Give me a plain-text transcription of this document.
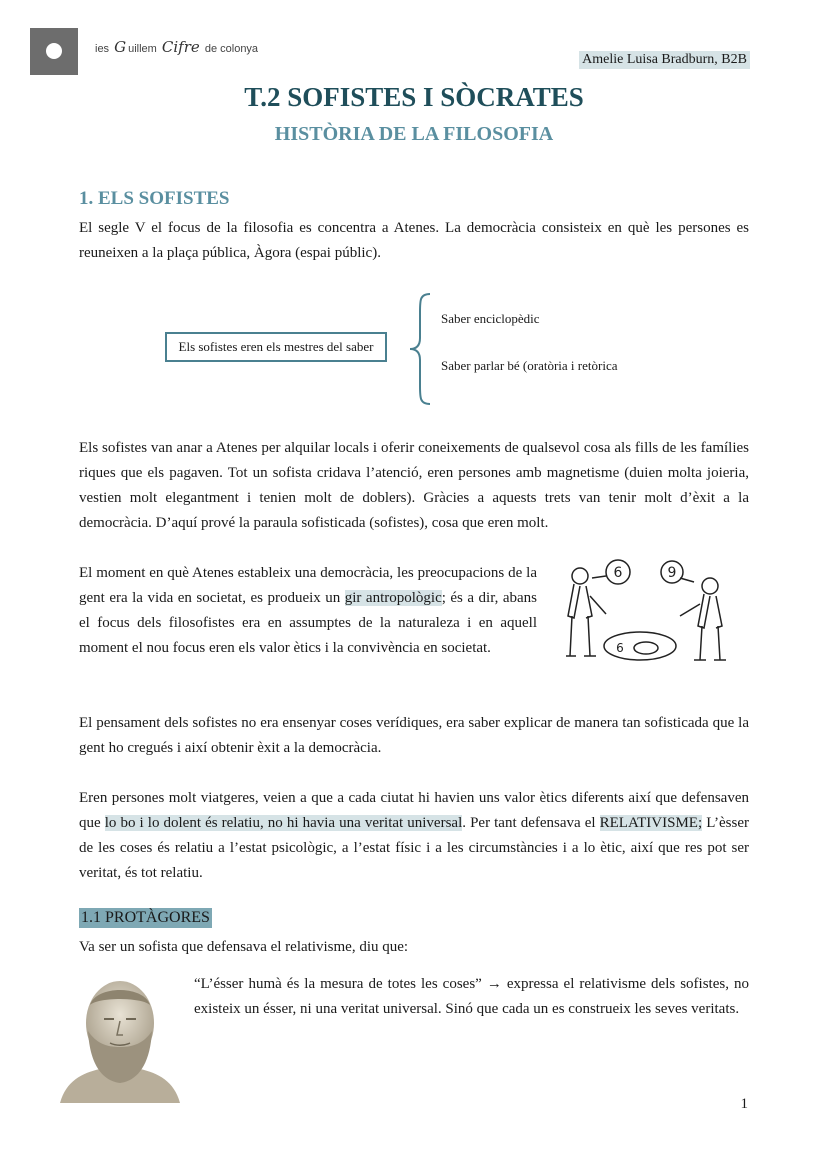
ies G uillem Cifre de colonya
Amelie Luisa Bradburn, B2B
T.2 SOFISTES I SÒCRATES
HISTÒRIA DE LA FILOSOFIA
1. ELS SOFISTES
El segle V el focus de la filosofia es concentra a Atenes. La democràcia consisteix en què les persones es reuneixen a la plaça pública, Àgora (espai públic).
Els sofistes eren els mestres del saber
Saber enciclopèdic
Saber parlar bé (oratòria i retòrica
Els sofistes van anar a Atenes per alquilar locals i oferir coneixements de qualsevol cosa als fills de les famílies riques que els pagaven. Tot un sofista cridava l’atenció, eren persones amb magnetisme (duien molta joieria, vestien molt elegantment i tenien molt de doblers). Gràcies a aquests trets van tenir molt d’èxit a la democràcia. D’aquí prové la paraula sofisticada (sofistes), cosa que eren molt.
El moment en què Atenes estableix una democràcia, les preocupacions de la gent era la vida en societat, es produeix un gir antropològic; és a dir, abans el focus dels filosofistes era en assumptes de la naturaleza i en aquell moment el nou focus eren els valor ètics i la convivència en societat.
6	9
6
El pensament dels sofistes no era ensenyar coses verídiques, era saber explicar de manera tan sofisticada que la gent ho cregués i així obtenir èxit a la democràcia.
Eren persones molt viatgeres, veien a que a cada ciutat hi havien uns valor ètics diferents així que defensaven que lo bo i lo dolent és relatiu, no hi havia una veritat universal. Per tant defensava el RELATIVISME; L’èsser de les coses és relatiu a l’estat psicològic, a l’estat físic i a les circumstàncies i a lo ètic, així que res pot ser veritat, és tot relatiu.
1.1 PROTÀGORES
Va ser un sofista que defensava el relativisme, diu que:
“L’ésser humà és la mesura de totes les coses” → expressa el relativisme dels sofistes, no existeix un ésser, ni una veritat universal. Sinó que cada un es construeix les seves veritats.
1
